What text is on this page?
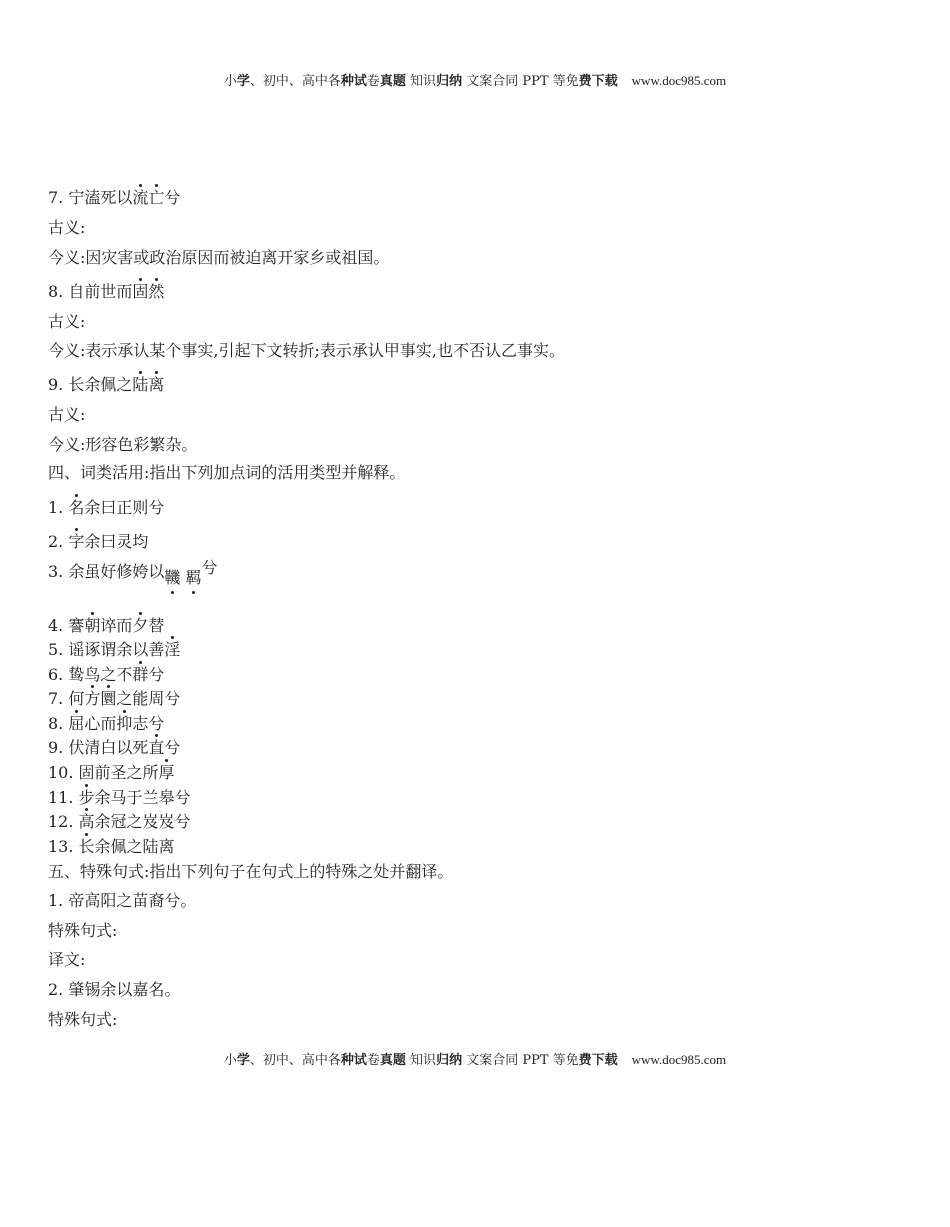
小学、初中、高中各种试卷真题 知识归纳 文案合同 PPT 等免费下载 www.doc985.com
7. 宁溘死以流亡兮
古义:
今义:因灾害或政治原因而被迫离开家乡或祖国。
8. 自前世而固然
古义:
今义:表示承认某个事实,引起下文转折;表示承认甲事实,也不否认乙事实。
9. 长余佩之陆离
古义:
今义:形容色彩繁杂。
四、词类活用:指出下列加点词的活用类型并解释。
1. 名余曰正则兮
2. 字余曰灵均
3. 余虽好修姱以鞿 羁兮
4. 謇朝谇而夕替
5. 谣诼谓余以善淫
6. 鸷鸟之不群兮
7. 何方圜之能周兮
8. 屈心而抑志兮
9. 伏清白以死直兮
10. 固前圣之所厚
11. 步余马于兰皋兮
12. 高余冠之岌岌兮
13. 长余佩之陆离
五、特殊句式:指出下列句子在句式上的特殊之处并翻译。
1. 帝高阳之苗裔兮。
特殊句式:
译文:
2. 肇锡余以嘉名。
特殊句式:
小学、初中、高中各种试卷真题 知识归纳 文案合同 PPT 等免费下载 www.doc985.com
